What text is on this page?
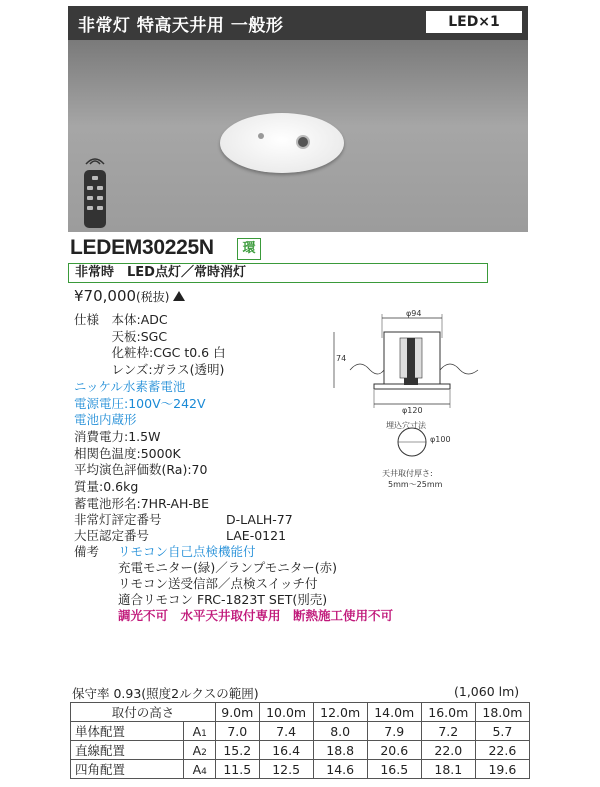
非常灯 特高天井用 一般形	LED×1
LEDEM30225N	環
非常時　LED点灯／常時消灯
¥70,000(税抜)
仕様　本体:ADC
　　　天板:SGC
　　　化粧枠:CGC t0.6 白
　　　レンズ:ガラス(透明)
ニッケル水素蓄電池
電源電圧:100V～242V
電池内蔵形
消費電力:1.5W
相関色温度:5000K
平均演色評価数(Ra):70
質量:0.6kg
蓄電池形名:7HR-AH-BE
非常灯評定番号	D-LALH-77
大臣認定番号	LAE-0121
備考 リモコン自己点検機能付
充電モニター(緑)／ランプモニター(赤)
リモコン送受信部／点検スイッチ付
適合リモコン FRC-1823T SET(別売)
調光不可　水平天井取付専用　断熱施工使用不可
φ94
74
φ120
埋込穴寸法
φ100
天井取付厚さ:
5mm～25mm
保守率 0.93(照度2ルクスの範囲)	(1,060 lm)
取付の高さ		9.0m	10.0m	12.0m	14.0m	16.0m	18.0m
単体配置	A1	7.0	7.4	8.0	7.9	7.2	5.7
直線配置	A2	15.2	16.4	18.8	20.6	22.0	22.6
四角配置	A4	11.5	12.5	14.6	16.5	18.1	19.6
